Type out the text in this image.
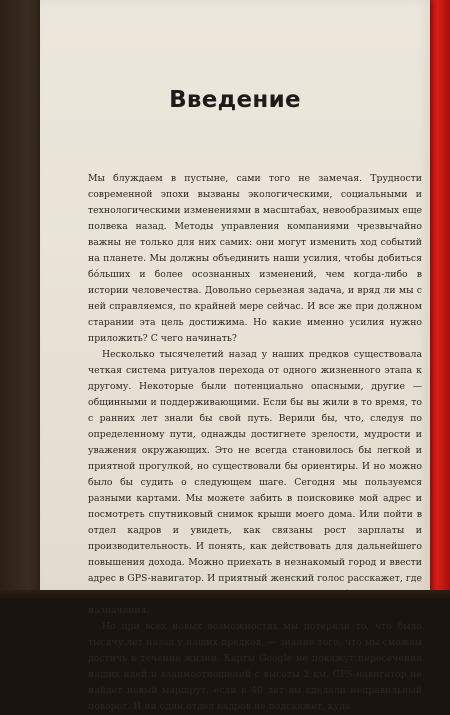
Введение

Мы блуждаем в пустыне, сами того не замечая. Трудности современной эпохи вызваны экологическими, социальными и технологическими изменениями в масштабах, невообразимых еще полвека назад. Методы управления компаниями чрезвычайно важны не только для них самих: они могут изменить ход событий на планете. Мы должны объединить наши усилия, чтобы добиться бо́льших и более осознанных изменений, чем когда-либо в истории человечества. Довольно серьезная задача, и вряд ли мы с ней справляемся, по крайней мере сейчас. И все же при должном старании эта цель достижима. Но какие именно усилия нужно приложить? С чего начинать?

Несколько тысячелетий назад у наших предков существовала четкая система ритуалов перехода от одного жизненного этапа к другому. Некоторые были потенциально опасными, другие — общинными и поддерживающими. Если бы вы жили в то время, то с ранних лет знали бы свой путь. Верили бы, что, следуя по определенному пути, однажды достигнете зрелости, мудрости и уважения окружающих. Это не всегда становилось бы легкой и приятной прогулкой, но существовали бы ориентиры. И но можно было бы судить о следующем шаге. Сегодня мы пользуемся разными картами. Мы можете забить в поисковике мой адрес и посмотреть спутниковый снимок крыши моего дома. Или пойти в отдел кадров и увидеть, как связаны рост зарплаты и производительность. И понять, как действовать для дальнейшего повышения дохода. Можно приехать в незнакомый город и ввести адрес в GPS-навигатор. И приятный женский голос расскажет, где назначения.

Но при всех новых возможностях мы потеряли то, что было тысячу лет назад у наших предков, — знание того, что мы сможем достичь в течение жизни. Карты Google не покажут пересечения наших идей и взаимоотношений с высоты 2 км. GPS-навигатор не найдет новый маршрут, если в 40 лет вы сделали неправильный поворот. И ни один отдел кадров не подскажет, куда
